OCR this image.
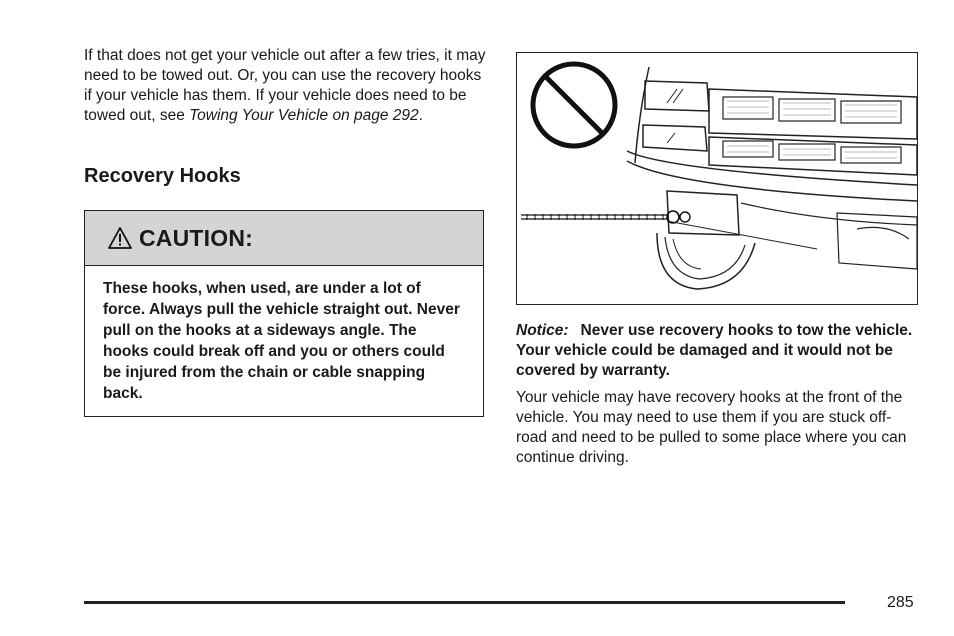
If that does not get your vehicle out after a few tries, it may need to be towed out. Or, you can use the recovery hooks if your vehicle has them. If your vehicle does need to be towed out, see Towing Your Vehicle on page 292.

Recovery Hooks
CAUTION:
These hooks, when used, are under a lot of force. Always pull the vehicle straight out. Never pull on the hooks at a sideways angle. The hooks could break off and you or others could be injured from the chain or cable snapping back.

Notice: Never use recovery hooks to tow the vehicle. Your vehicle could be damaged and it would not be covered by warranty.

Your vehicle may have recovery hooks at the front of the vehicle. You may need to use them if you are stuck off-road and need to be pulled to some place where you can continue driving.

285
